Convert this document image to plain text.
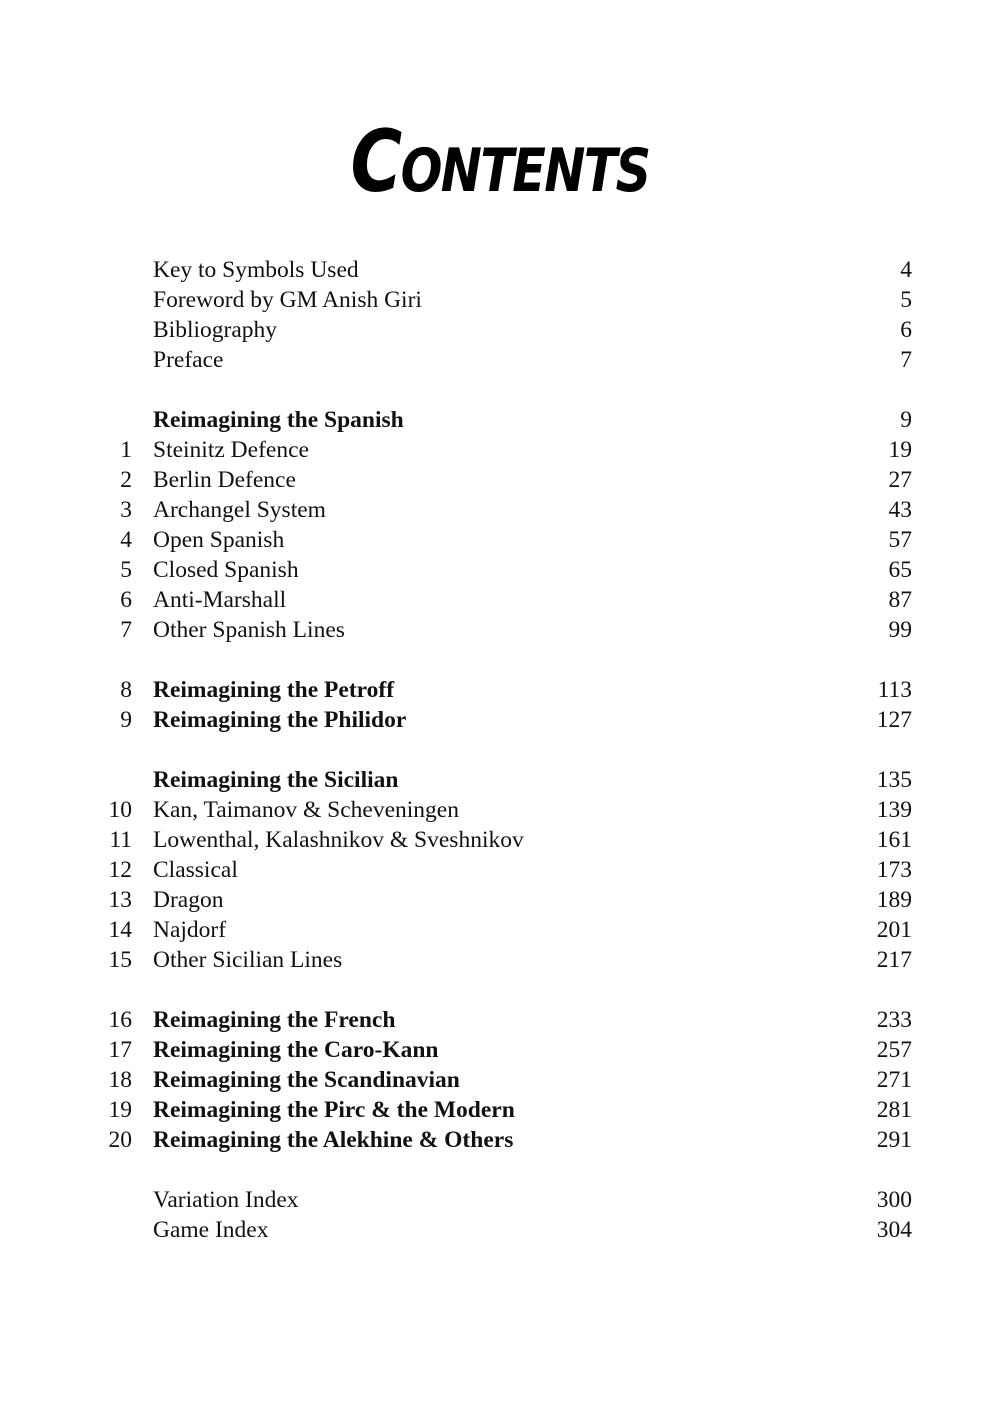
Contents
Key to Symbols Used	4
Foreword by GM Anish Giri	5
Bibliography	6
Preface	7
Reimagining the Spanish	9
1 Steinitz Defence	19
2 Berlin Defence	27
3 Archangel System	43
4 Open Spanish	57
5 Closed Spanish	65
6 Anti-Marshall	87
7 Other Spanish Lines	99
8 Reimagining the Petroff	113
9 Reimagining the Philidor	127
Reimagining the Sicilian	135
10 Kan, Taimanov & Scheveningen	139
11 Lowenthal, Kalashnikov & Sveshnikov	161
12 Classical	173
13 Dragon	189
14 Najdorf	201
15 Other Sicilian Lines	217
16 Reimagining the French	233
17 Reimagining the Caro-Kann	257
18 Reimagining the Scandinavian	271
19 Reimagining the Pirc & the Modern	281
20 Reimagining the Alekhine & Others	291
Variation Index	300
Game Index	304
